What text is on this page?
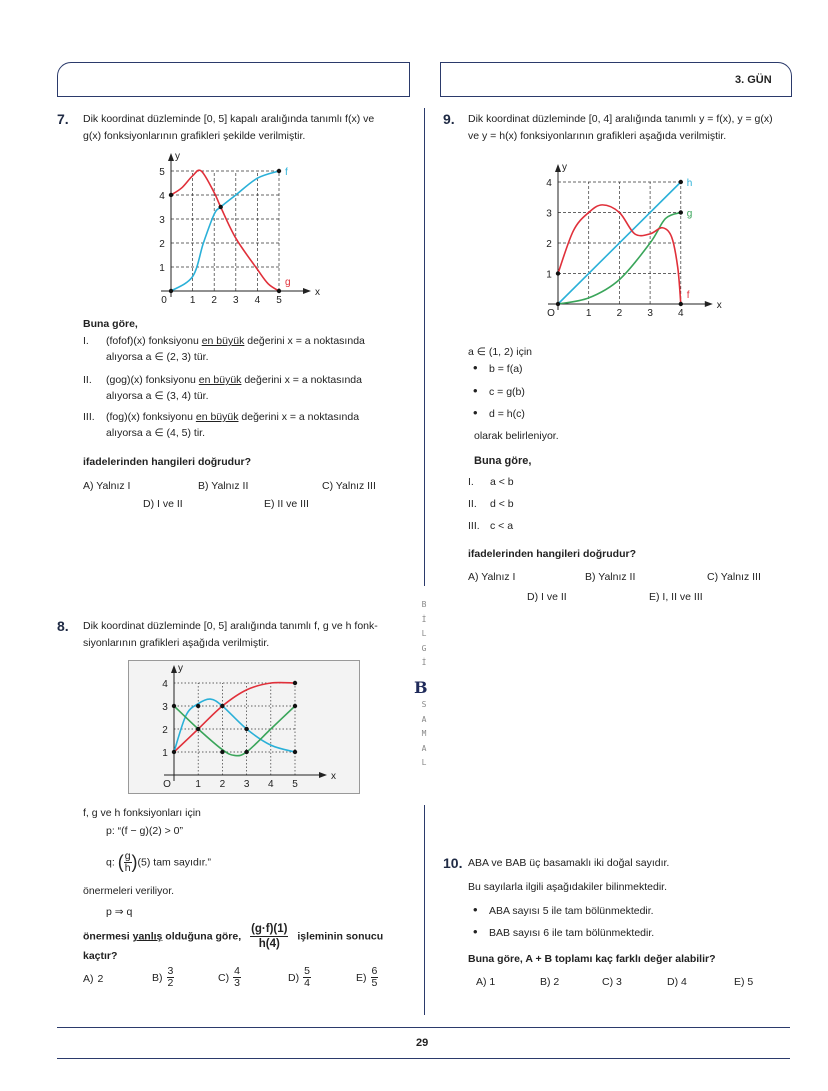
3. GÜN
7. Dik koordinat düzleminde [0, 5] kapalı aralığında tanımlı f(x) ve
g(x) fonksiyonlarının grafikleri şekilde verilmiştir.
x
y
0 1 2 3 4 5
1
2
3
4
5	f
g
Buna göre,
ifadelerinden hangileri doğrudur?
A) Yalnız I	B) Yalnız II	C) Yalnız III
D) I ve II	E) II ve III
8. Dik koordinat düzleminde [0, 5] aralığında tanımlı f, g ve h fonk-
siyonlarının grafikleri aşağıda verilmiştir.
x
y
O 1 2 3 4 5
1
2
3
4
f, g ve h fonksiyonları için
p: “(f − g)(2) > 0”
q: ( $\frac{g}{h} )(5)$ tam sayıdır.”
önermeleri veriliyor.
p ⇒ q
önermesi yanlış olduğuna göre, $\frac{(g\cdot f)(1)}{h(4)}$ işleminin sonucu
kaçtır?
9. Dik koordinat düzleminde [0, 4] aralığında tanımlı y = f(x), y = g(x)
ve y = h(x) fonksiyonlarının grafikleri aşağıda verilmiştir.
x
y
O	1	2	3	4
1
2
3
4	h
g
f
a ∈ (1, 2) için
olarak belirleniyor.
Buna göre,
ifadelerinden hangileri doğrudur?
A) Yalnız I	B) Yalnız II	C) Yalnız III
D) I ve II	E) I, II ve III
10. ABA ve BAB üç basamaklı iki doğal sayıdır.
Bu sayılarla ilgili aşağıdakiler bilinmektedir.
Buna göre, A + B toplamı kaç farklı değer alabilir?
29
B
İ
L
G
İ
S
A
M
A
L
B
I. (fofof)(x) fonksiyonu en büyük değerini x = a noktasında
alıyorsa a ∈ (2, 3) tür.
II. (gog)(x) fonksiyonu en büyük değerini x = a noktasında
alıyorsa a ∈ (3, 4) tür.
III. (fog)(x) fonksiyonu en büyük değerini x = a noktasında
alıyorsa a ∈ (4, 5) tir.
A) 2	$B) \frac{3}{2}$	$C) \frac{4}{3}$	$D) \frac{5}{4}$	$E) \frac{6}{5}$
• b = f(a)
• c = g(b)
• d = h(c)
I. a < b
II. d < b
III. c < a
• ABA sayısı 5 ile tam bölünmektedir.
• BAB sayısı 6 ile tam bölünmektedir.
A) 1	B) 2	C) 3	D) 4	E) 5
